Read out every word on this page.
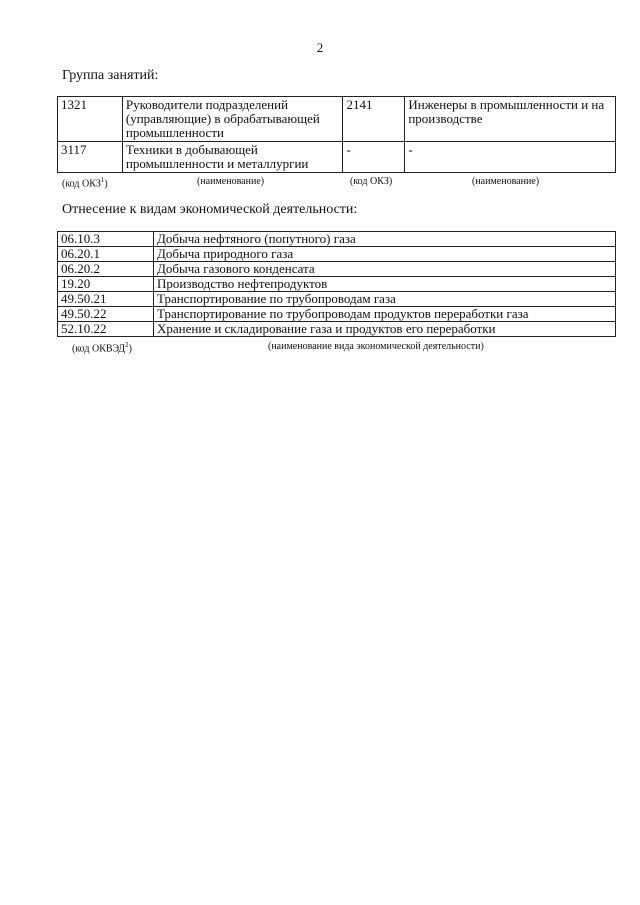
2
Группа занятий:
1321	Руководители подразделений (управляющие) в обрабатывающей промышленности	2141	Инженеры в промышленности и на производстве
3117	Техники в добывающей промышленности и металлургии	-	-
(код ОКЗ$^1$)	(наименование)	(код ОКЗ)	(наименование)
Отнесение к видам экономической деятельности:
06.10.3	Добыча нефтяного (попутного) газа
06.20.1	Добыча природного газа
06.20.2	Добыча газового конденсата
19.20	Производство нефтепродуктов
49.50.21	Транспортирование по трубопроводам газа
49.50.22	Транспортирование по трубопроводам продуктов переработки газа
52.10.22	Хранение и складирование газа и продуктов его переработки
(код ОКВЭД$^2$)	(наименование вида экономической деятельности)
